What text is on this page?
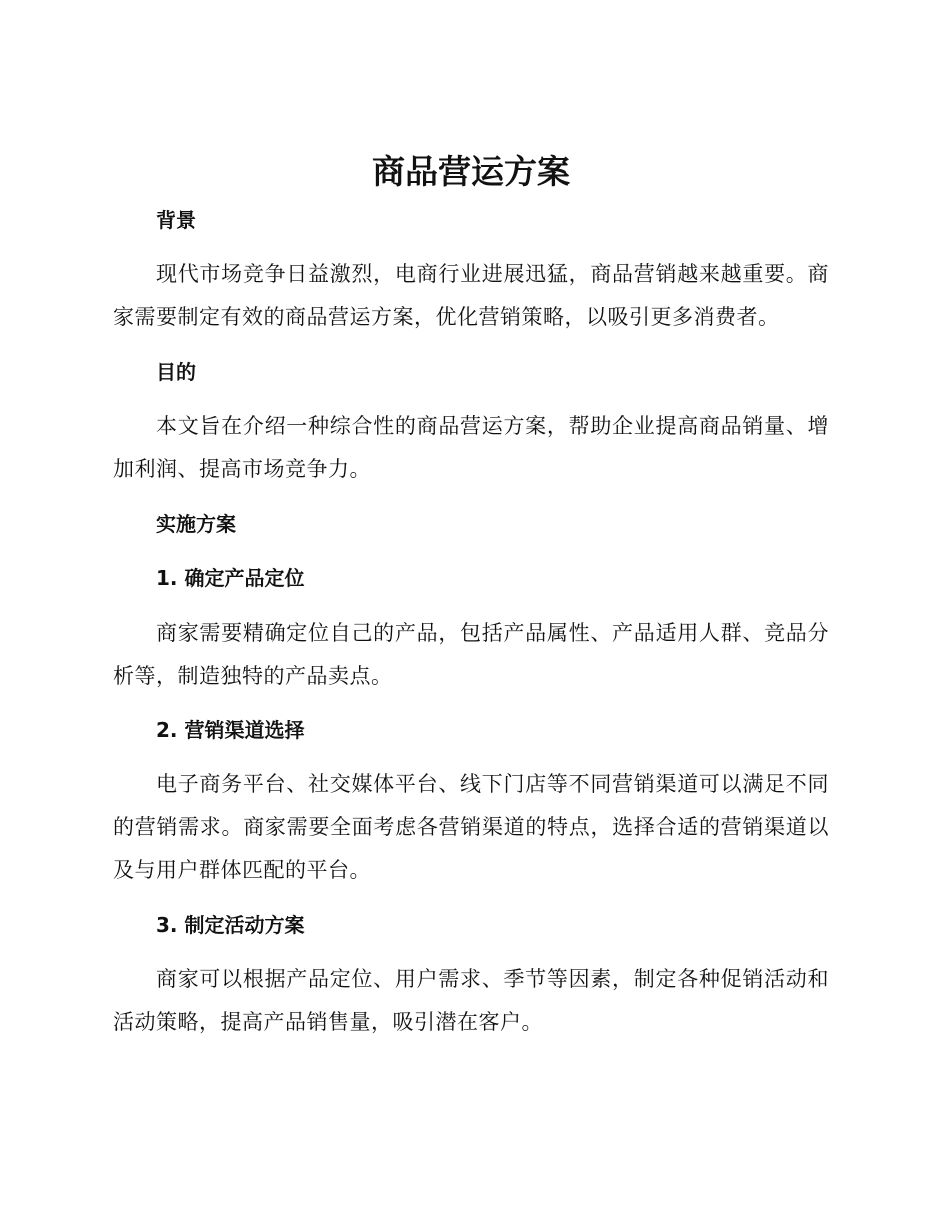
商品营运方案
背景

现代市场竞争日益激烈，电商行业进展迅猛，商品营销越来越重要。商家需要制定有效的商品营运方案，优化营销策略，以吸引更多消费者。

目的

本文旨在介绍一种综合性的商品营运方案，帮助企业提高商品销量、增加利润、提高市场竞争力。

实施方案
1. 确定产品定位

商家需要精确定位自己的产品，包括产品属性、产品适用人群、竞品分析等，制造独特的产品卖点。

2. 营销渠道选择

电子商务平台、社交媒体平台、线下门店等不同营销渠道可以满足不同的营销需求。商家需要全面考虑各营销渠道的特点，选择合适的营销渠道以及与用户群体匹配的平台。

3. 制定活动方案

商家可以根据产品定位、用户需求、季节等因素，制定各种促销活动和活动策略，提高产品销售量，吸引潜在客户。
